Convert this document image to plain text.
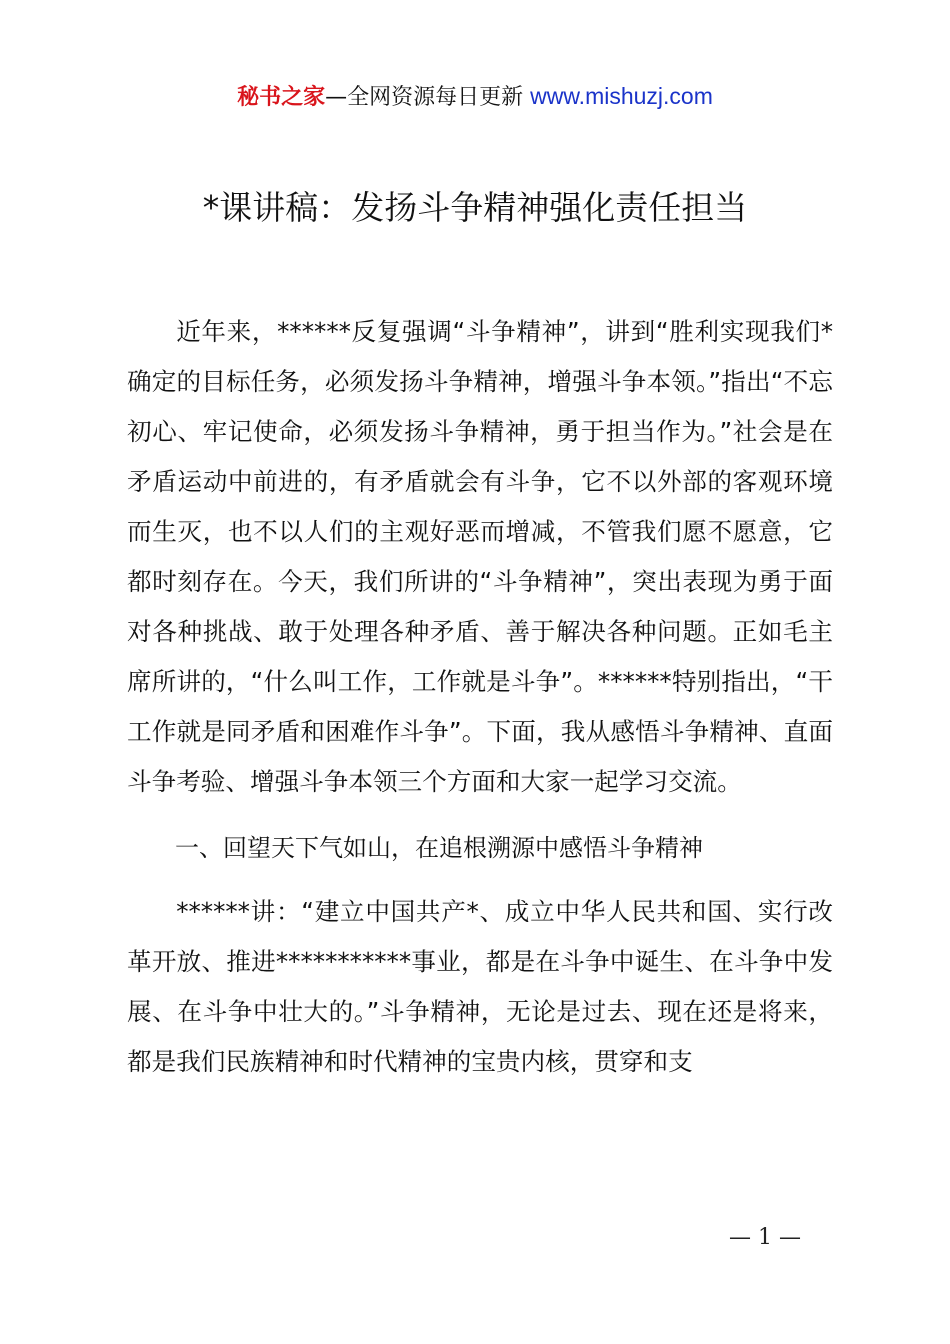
秘书之家—全网资源每日更新 www.mishuzj.com
*课讲稿：发扬斗争精神强化责任担当

近年来，******反复强调“斗争精神”，讲到“胜利实现我们*确定的目标任务，必须发扬斗争精神，增强斗争本领。”指出“不忘初心、牢记使命，必须发扬斗争精神，勇于担当作为。”社会是在矛盾运动中前进的，有矛盾就会有斗争，它不以外部的客观环境而生灭，也不以人们的主观好恶而增减，不管我们愿不愿意，它都时刻存在。今天，我们所讲的“斗争精神”，突出表现为勇于面对各种挑战、敢于处理各种矛盾、善于解决各种问题。正如毛主席所讲的，“什么叫工作，工作就是斗争”。******特别指出，“干工作就是同矛盾和困难作斗争”。下面，我从感悟斗争精神、直面斗争考验、增强斗争本领三个方面和大家一起学习交流。

一、回望天下气如山，在追根溯源中感悟斗争精神

******讲：“建立中国共产*、成立中华人民共和国、实行改革开放、推进***********事业，都是在斗争中诞生、在斗争中发展、在斗争中壮大的。”斗争精神，无论是过去、现在还是将来，都是我们民族精神和时代精神的宝贵内核，贯穿和支

— 1 —
